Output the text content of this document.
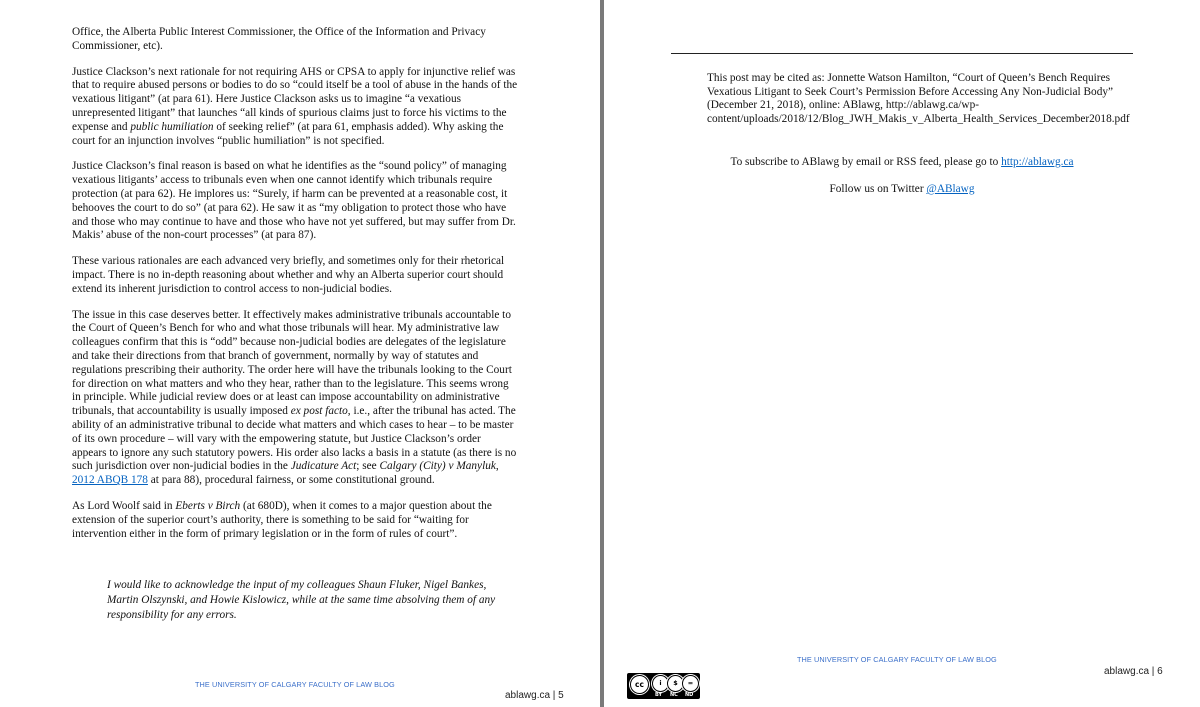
Office, the Alberta Public Interest Commissioner, the Office of the Information and Privacy Commissioner, etc).

Justice Clackson’s next rationale for not requiring AHS or CPSA to apply for injunctive relief was that to require abused persons or bodies to do so “could itself be a tool of abuse in the hands of the vexatious litigant” (at para 61). Here Justice Clackson asks us to imagine “a vexatious unrepresented litigant” that launches “all kinds of spurious claims just to force his victims to the expense and public humiliation of seeking relief” (at para 61, emphasis added). Why asking the court for an injunction involves “public humiliation” is not specified.

Justice Clackson’s final reason is based on what he identifies as the “sound policy” of managing vexatious litigants’ access to tribunals even when one cannot identify which tribunals require protection (at para 62). He implores us: “Surely, if harm can be prevented at a reasonable cost, it behooves the court to do so” (at para 62). He saw it as “my obligation to protect those who have and those who may continue to have and those who have not yet suffered, but may suffer from Dr. Makis’ abuse of the non-court processes” (at para 87).

These various rationales are each advanced very briefly, and sometimes only for their rhetorical impact. There is no in-depth reasoning about whether and why an Alberta superior court should extend its inherent jurisdiction to control access to non-judicial bodies.

The issue in this case deserves better. It effectively makes administrative tribunals accountable to the Court of Queen’s Bench for who and what those tribunals will hear. My administrative law colleagues confirm that this is “odd” because non-judicial bodies are delegates of the legislature and take their directions from that branch of government, normally by way of statutes and regulations prescribing their authority. The order here will have the tribunals looking to the Court for direction on what matters and who they hear, rather than to the legislature. This seems wrong in principle. While judicial review does or at least can impose accountability on administrative tribunals, that accountability is usually imposed ex post facto, i.e., after the tribunal has acted. The ability of an administrative tribunal to decide what matters and which cases to hear – to be master of its own procedure – will vary with the empowering statute, but Justice Clackson’s order appears to ignore any such statutory powers. His order also lacks a basis in a statute (as there is no such jurisdiction over non-judicial bodies in the Judicature Act; see Calgary (City) v Manyluk, 2012 ABQB 178 at para 88), procedural fairness, or some constitutional ground.

As Lord Woolf said in Eberts v Birch (at 680D), when it comes to a major question about the extension of the superior court’s authority, there is something to be said for “waiting for intervention either in the form of primary legislation or in the form of rules of court”.

I would like to acknowledge the input of my colleagues Shaun Fluker, Nigel Bankes, Martin Olszynski, and Howie Kislowicz, while at the same time absolving them of any responsibility for any errors.

THE UNIVERSITY OF CALGARY FACULTY OF LAW BLOG
ablawg.ca | 5

This post may be cited as: Jonnette Watson Hamilton, “Court of Queen’s Bench Requires Vexatious Litigant to Seek Court’s Permission Before Accessing Any Non-Judicial Body” (December 21, 2018), online: ABlawg, http://ablawg.ca/wp-content/uploads/2018/12/Blog_JWH_Makis_v_Alberta_Health_Services_December2018.pdf

To subscribe to ABlawg by email or RSS feed, please go to http://ablawg.ca

Follow us on Twitter @ABlawg

THE UNIVERSITY OF CALGARY FACULTY OF LAW BLOG
cc	i	$	=
BY NC ND
ablawg.ca | 6
